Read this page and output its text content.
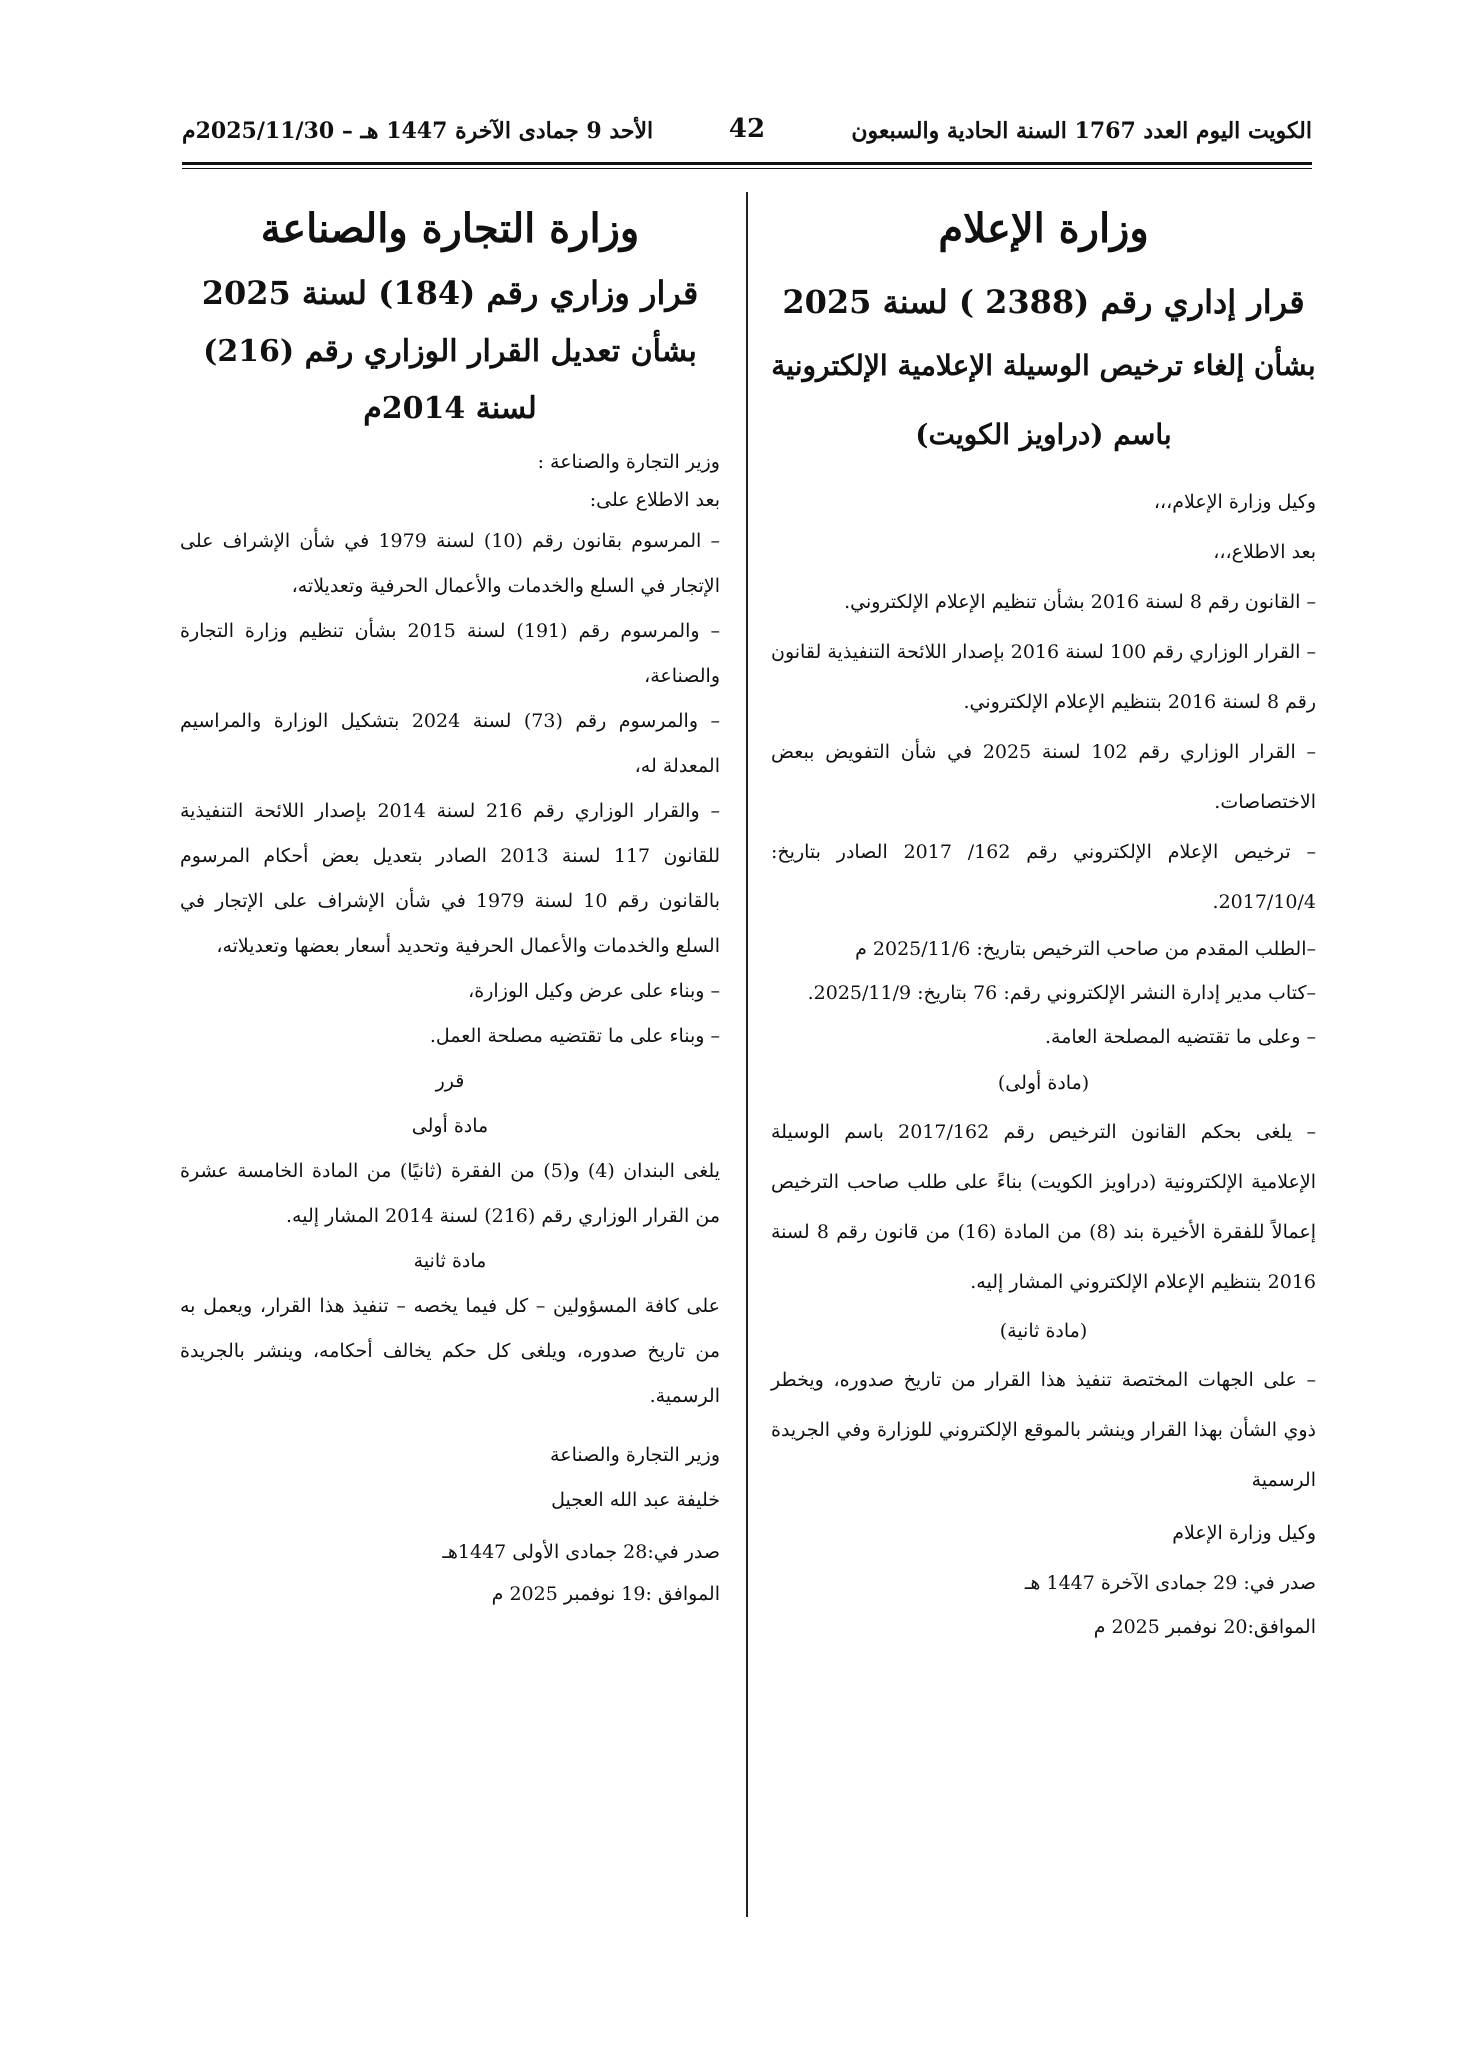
الكويت اليوم العدد 1767 السنة الحادية والسبعون
42
الأحد 9 جمادى الآخرة 1447 هـ – 2025/11/30م
وزارة الإعلام
قرار إداري رقم (2388 ) لسنة 2025
بشأن إلغاء ترخيص الوسيلة الإعلامية الإلكترونية
باسم (دراويز الكويت)

وكيل وزارة الإعلام،،،

بعد الاطلاع،،،

– القانون رقم 8 لسنة 2016 بشأن تنظيم الإعلام الإلكتروني.

– القرار الوزاري رقم 100 لسنة 2016 بإصدار اللائحة التنفيذية لقانون رقم 8 لسنة 2016 بتنظيم الإعلام الإلكتروني.

– القرار الوزاري رقم 102 لسنة 2025 في شأن التفويض ببعض الاختصاصات.

– ترخيص الإعلام الإلكتروني رقم 162/ 2017 الصادر بتاريخ: 2017/10/4.

–الطلب المقدم من صاحب الترخيص بتاريخ: 2025/11/6 م

–كتاب مدير إدارة النشر الإلكتروني رقم: 76 بتاريخ: 2025/11/9.

– وعلى ما تقتضيه المصلحة العامة.

(مادة أولى)

– يلغى بحكم القانون الترخيص رقم 2017/162 باسم الوسيلة الإعلامية الإلكترونية (دراويز الكويت) بناءً على طلب صاحب الترخيص إعمالاً للفقرة الأخيرة بند (8) من المادة (16) من قانون رقم 8 لسنة 2016 بتنظيم الإعلام الإلكتروني المشار إليه.

(مادة ثانية)

– على الجهات المختصة تنفيذ هذا القرار من تاريخ صدوره، ويخطر ذوي الشأن بهذا القرار وينشر بالموقع الإلكتروني للوزارة وفي الجريدة الرسمية

وكيل وزارة الإعلام

صدر في: 29 جمادى الآخرة 1447 هـ

الموافق:20 نوفمبر 2025 م

وزارة التجارة والصناعة
قرار وزاري رقم (184) لسنة 2025
بشأن تعديل القرار الوزاري رقم (216)
لسنة 2014م

وزير التجارة والصناعة :

بعد الاطلاع على:

– المرسوم بقانون رقم (10) لسنة 1979 في شأن الإشراف على الإتجار في السلع والخدمات والأعمال الحرفية وتعديلاته،

– والمرسوم رقم (191) لسنة 2015 بشأن تنظيم وزارة التجارة والصناعة،

– والمرسوم رقم (73) لسنة 2024 بتشكيل الوزارة والمراسيم المعدلة له،

– والقرار الوزاري رقم 216 لسنة 2014 بإصدار اللائحة التنفيذية للقانون 117 لسنة 2013 الصادر بتعديل بعض أحكام المرسوم بالقانون رقم 10 لسنة 1979 في شأن الإشراف على الإتجار في السلع والخدمات والأعمال الحرفية وتحديد أسعار بعضها وتعديلاته،

– وبناء على عرض وكيل الوزارة،

– وبناء على ما تقتضيه مصلحة العمل.

قرر

مادة أولى

يلغى البندان (4) و(5) من الفقرة (ثانيًا) من المادة الخامسة عشرة من القرار الوزاري رقم (216) لسنة 2014 المشار إليه.

مادة ثانية

على كافة المسؤولين – كل فيما يخصه – تنفيذ هذا القرار، ويعمل به من تاريخ صدوره، ويلغى كل حكم يخالف أحكامه، وينشر بالجريدة الرسمية.

وزير التجارة والصناعة

خليفة عبد الله العجيل

صدر في:28 جمادى الأولى 1447هـ

الموافق :19 نوفمبر 2025 م
